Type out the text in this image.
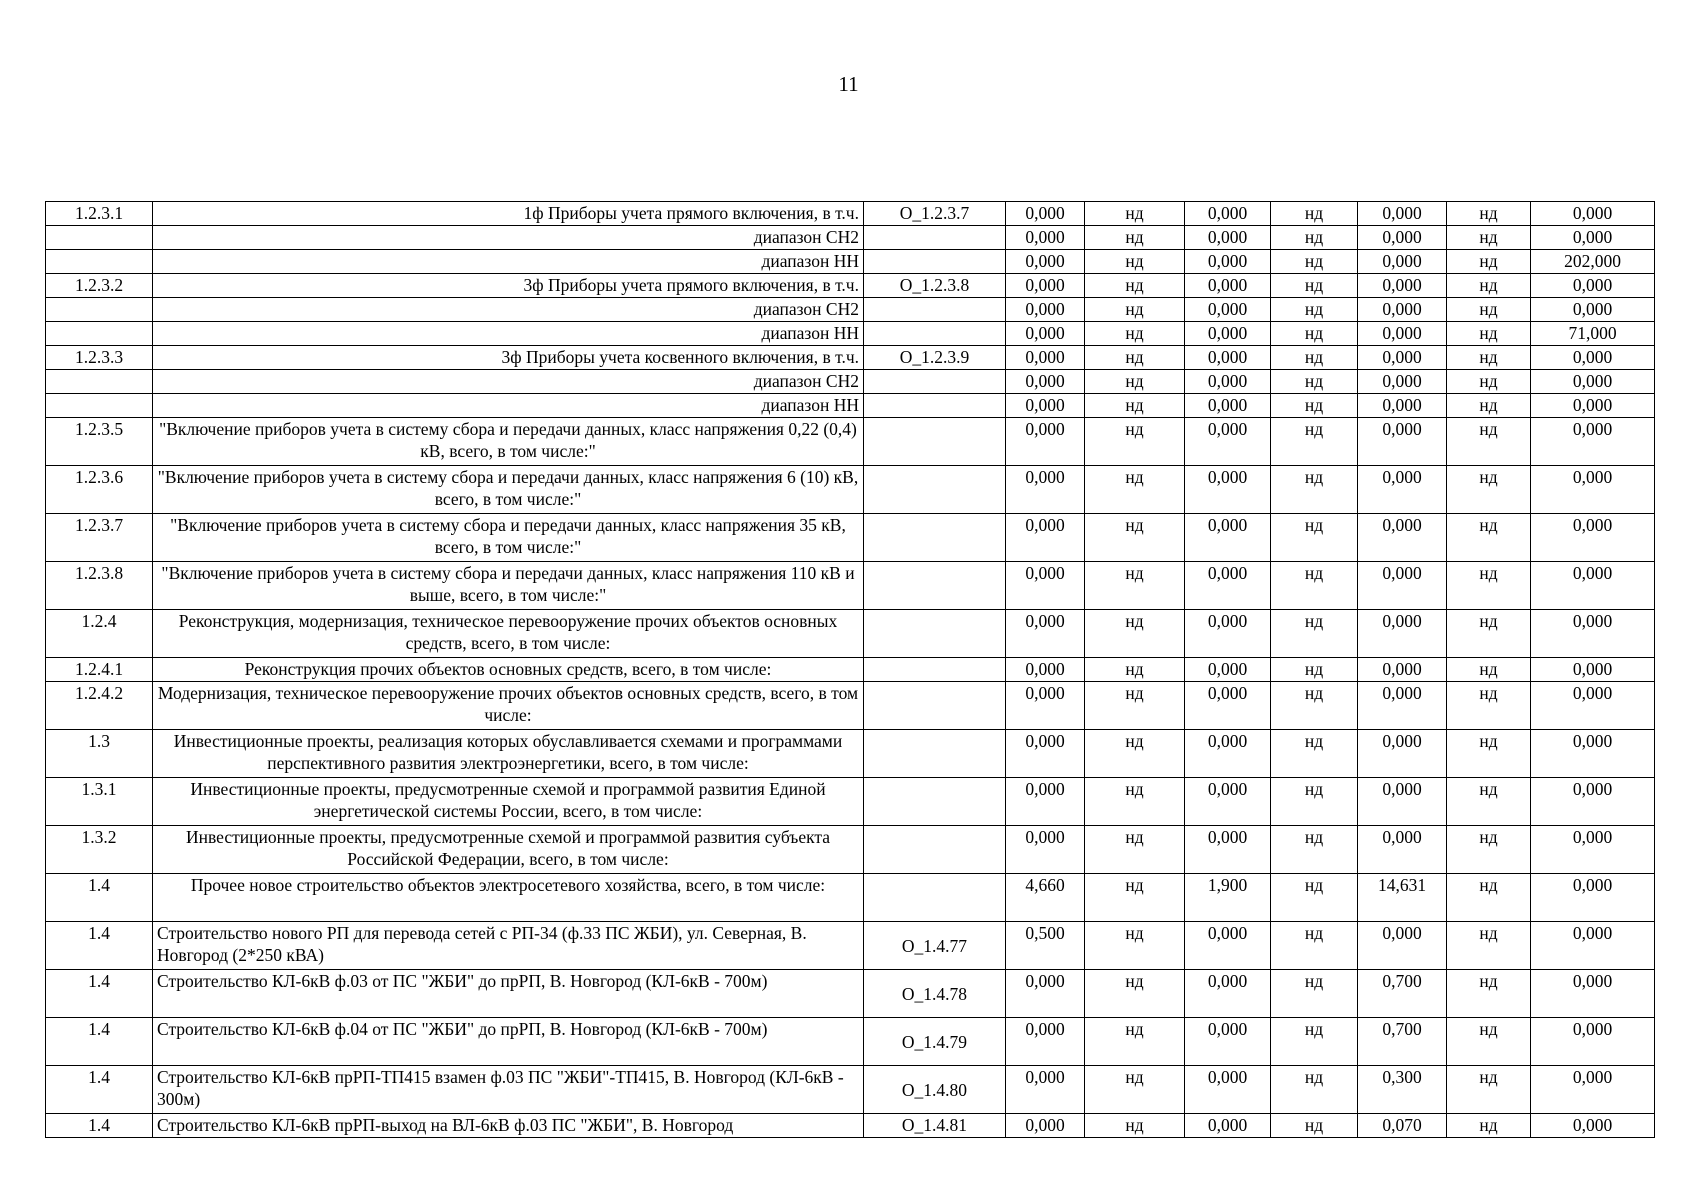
11
1.2.3.1	1ф Приборы учета прямого включения, в т.ч.	О_1.2.3.7	0,000	нд	0,000	нд	0,000	нд	0,000
	диапазон СН2		0,000	нд	0,000	нд	0,000	нд	0,000
	диапазон НН		0,000	нд	0,000	нд	0,000	нд	202,000
1.2.3.2	3ф Приборы учета прямого включения, в т.ч.	О_1.2.3.8	0,000	нд	0,000	нд	0,000	нд	0,000
	диапазон СН2		0,000	нд	0,000	нд	0,000	нд	0,000
	диапазон НН		0,000	нд	0,000	нд	0,000	нд	71,000
1.2.3.3	3ф Приборы учета косвенного включения, в т.ч.	О_1.2.3.9	0,000	нд	0,000	нд	0,000	нд	0,000
	диапазон СН2		0,000	нд	0,000	нд	0,000	нд	0,000
	диапазон НН		0,000	нд	0,000	нд	0,000	нд	0,000
1.2.3.5	"Включение приборов учета в систему сбора и передачи данных, класс напряжения 0,22 (0,4) кВ, всего, в том числе:"		0,000	нд	0,000	нд	0,000	нд	0,000
1.2.3.6	"Включение приборов учета в систему сбора и передачи данных, класс напряжения 6 (10) кВ, всего, в том числе:"		0,000	нд	0,000	нд	0,000	нд	0,000
1.2.3.7	"Включение приборов учета в систему сбора и передачи данных, класс напряжения 35 кВ, всего, в том числе:"		0,000	нд	0,000	нд	0,000	нд	0,000
1.2.3.8	"Включение приборов учета в систему сбора и передачи данных, класс напряжения 110 кВ и выше, всего, в том числе:"		0,000	нд	0,000	нд	0,000	нд	0,000
1.2.4	Реконструкция, модернизация, техническое перевооружение прочих объектов основных средств, всего, в том числе:		0,000	нд	0,000	нд	0,000	нд	0,000
1.2.4.1	Реконструкция прочих объектов основных средств, всего, в том числе:		0,000	нд	0,000	нд	0,000	нд	0,000
1.2.4.2	Модернизация, техническое перевооружение прочих объектов основных средств, всего, в том числе:		0,000	нд	0,000	нд	0,000	нд	0,000
1.3	Инвестиционные проекты, реализация которых обуславливается схемами и программами перспективного развития электроэнергетики, всего, в том числе:		0,000	нд	0,000	нд	0,000	нд	0,000
1.3.1	Инвестиционные проекты, предусмотренные схемой и программой развития Единой энергетической системы России, всего, в том числе:		0,000	нд	0,000	нд	0,000	нд	0,000
1.3.2	Инвестиционные проекты, предусмотренные схемой и программой развития субъекта Российской Федерации, всего, в том числе:		0,000	нд	0,000	нд	0,000	нд	0,000
1.4	Прочее новое строительство объектов электросетевого хозяйства, всего, в том числе:		4,660	нд	1,900	нд	14,631	нд	0,000
1.4	Строительство нового РП для перевода сетей с РП-34 (ф.33 ПС ЖБИ), ул. Северная, В. Новгород (2*250 кВА)	О_1.4.77	0,500	нд	0,000	нд	0,000	нд	0,000
1.4	Строительство КЛ-6кВ ф.03 от ПС "ЖБИ" до прРП, В. Новгород (КЛ-6кВ - 700м)	О_1.4.78	0,000	нд	0,000	нд	0,700	нд	0,000
1.4	Строительство КЛ-6кВ ф.04 от ПС "ЖБИ" до прРП, В. Новгород (КЛ-6кВ - 700м)	О_1.4.79	0,000	нд	0,000	нд	0,700	нд	0,000
1.4	Строительство КЛ-6кВ прРП-ТП415 взамен ф.03 ПС "ЖБИ"-ТП415, В. Новгород (КЛ-6кВ - 300м)	О_1.4.80	0,000	нд	0,000	нд	0,300	нд	0,000
1.4	Строительство КЛ-6кВ прРП-выход на ВЛ-6кВ ф.03 ПС "ЖБИ", В. Новгород	О_1.4.81	0,000	нд	0,000	нд	0,070	нд	0,000
